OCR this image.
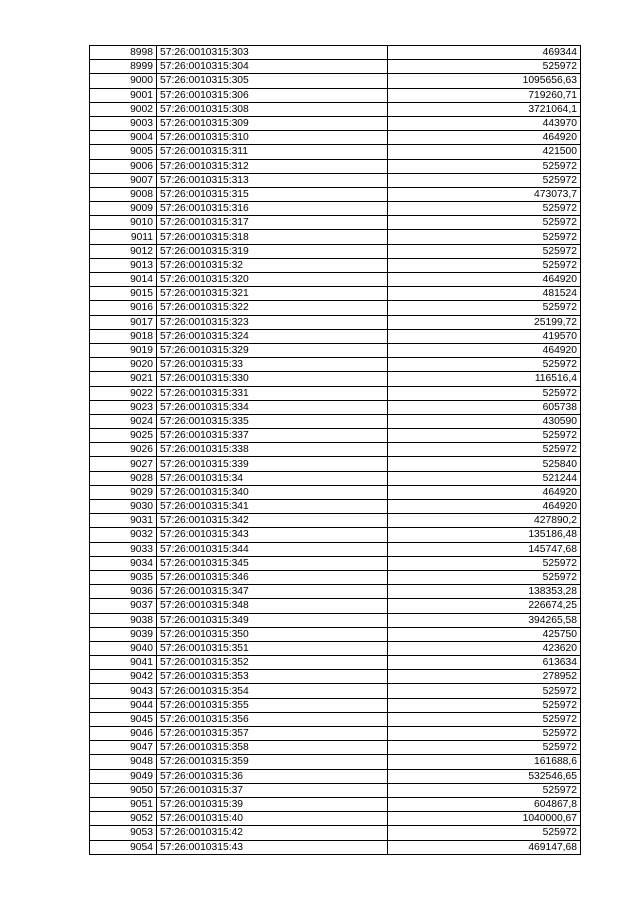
8998	57:26:0010315:303	469344
8999	57:26:0010315:304	525972
9000	57:26:0010315:305	1095656,63
9001	57:26:0010315:306	719260,71
9002	57:26:0010315:308	3721064,1
9003	57:26:0010315:309	443970
9004	57:26:0010315:310	464920
9005	57:26:0010315:311	421500
9006	57:26:0010315:312	525972
9007	57:26:0010315:313	525972
9008	57:26:0010315:315	473073,7
9009	57:26:0010315:316	525972
9010	57:26:0010315:317	525972
9011	57:26:0010315:318	525972
9012	57:26:0010315:319	525972
9013	57:26:0010315:32	525972
9014	57:26:0010315:320	464920
9015	57:26:0010315:321	481524
9016	57:26:0010315:322	525972
9017	57:26:0010315:323	25199,72
9018	57:26:0010315:324	419570
9019	57:26:0010315:329	464920
9020	57:26:0010315:33	525972
9021	57:26:0010315:330	116516,4
9022	57:26:0010315:331	525972
9023	57:26:0010315:334	605738
9024	57:26:0010315:335	430590
9025	57:26:0010315:337	525972
9026	57:26:0010315:338	525972
9027	57:26:0010315:339	525840
9028	57:26:0010315:34	521244
9029	57:26:0010315:340	464920
9030	57:26:0010315:341	464920
9031	57:26:0010315:342	427890,2
9032	57:26:0010315:343	135186,48
9033	57:26:0010315:344	145747,68
9034	57:26:0010315:345	525972
9035	57:26:0010315:346	525972
9036	57:26:0010315:347	138353,28
9037	57:26:0010315:348	226674,25
9038	57:26:0010315:349	394265,58
9039	57:26:0010315:350	425750
9040	57:26:0010315:351	423620
9041	57:26:0010315:352	613634
9042	57:26:0010315:353	278952
9043	57:26:0010315:354	525972
9044	57:26:0010315:355	525972
9045	57:26:0010315:356	525972
9046	57:26:0010315:357	525972
9047	57:26:0010315:358	525972
9048	57:26:0010315:359	161688,6
9049	57:26:0010315:36	532546,65
9050	57:26:0010315:37	525972
9051	57:26:0010315:39	604867,8
9052	57:26:0010315:40	1040000,67
9053	57:26:0010315:42	525972
9054	57:26:0010315:43	469147,68
